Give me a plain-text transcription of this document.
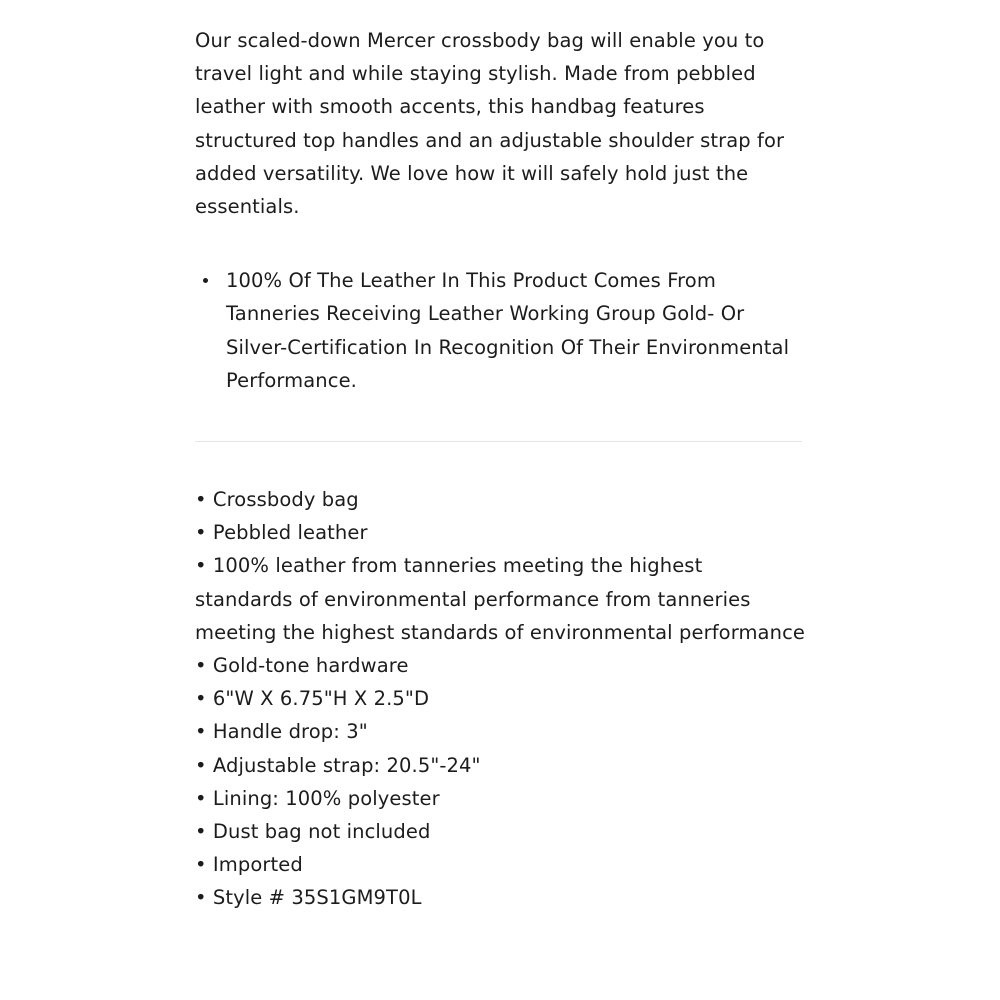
Our scaled-down Mercer crossbody bag will enable you to travel light and while staying stylish. Made from pebbled leather with smooth accents, this handbag features structured top handles and an adjustable shoulder strap for added versatility. We love how it will safely hold just the essentials.

100% Of The Leather In This Product Comes From Tanneries Receiving Leather Working Group Gold- Or Silver-Certification In Recognition Of Their Environmental Performance.
• Crossbody bag
• Pebbled leather
• 100% leather from tanneries meeting the highest standards of environmental performance from tanneries meeting the highest standards of environmental performance
• Gold-tone hardware
• 6"W X 6.75"H X 2.5"D
• Handle drop: 3"
• Adjustable strap: 20.5"-24"
• Lining: 100% polyester
• Dust bag not included
• Imported
• Style # 35S1GM9T0L
